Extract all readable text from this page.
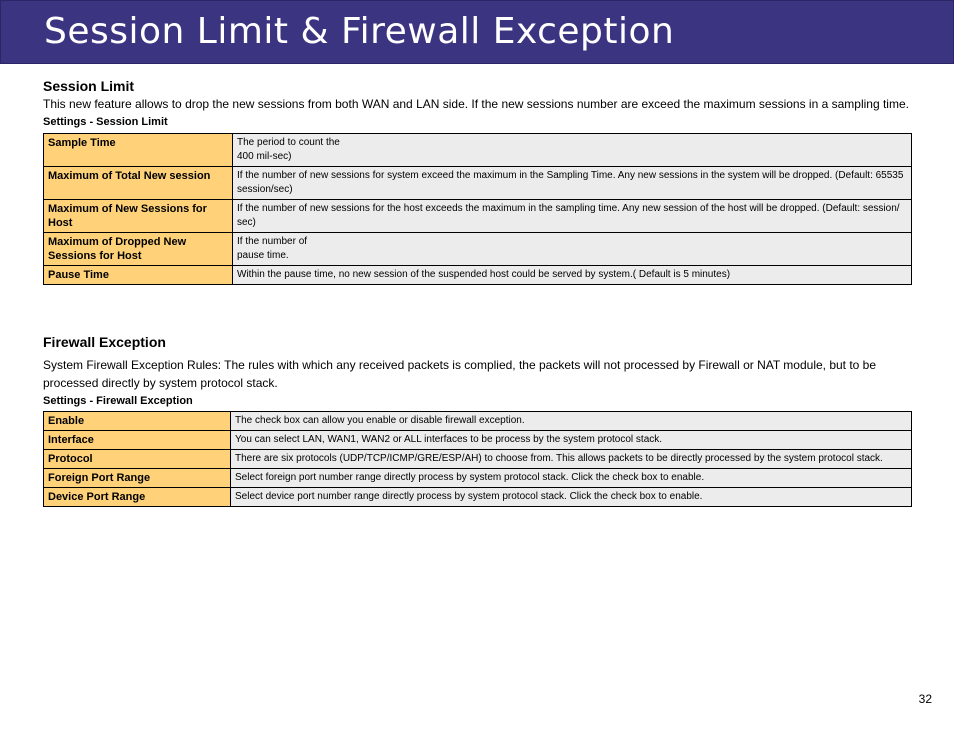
Session Limit & Firewall Exception
Session Limit
This new feature allows to drop the new sessions from both WAN and LAN side. If the new sessions number are exceed the maximum sessions in a sampling time.
Settings - Session Limit
Sample Time	The period to count the
400 mil-sec)

Maximum of Total New session	If the number of new sessions for system exceed the maximum in the Sampling Time. Any new sessions in the system will be dropped. (Default: 65535
session/sec)

Maximum of New Sessions for Host	If the number of new sessions for the host exceeds the maximum in the sampling time. Any new session of the host will be dropped. (Default: session/
sec)

Maximum of Dropped New Sessions for Host	If the number of
pause time.

Pause Time	Within the pause time, no new session of the suspended host could be served by system.( Default is 5 minutes)
Firewall Exception
System Firewall Exception Rules: The rules with which any received packets is complied, the packets will not processed by Firewall or NAT module, but to be processed directly by system protocol stack.
Settings - Firewall Exception
Enable	The check box can allow you enable or disable firewall exception.
Interface	You can select LAN, WAN1, WAN2 or ALL interfaces to be process by the system protocol stack.
Protocol	There are six protocols (UDP/TCP/ICMP/GRE/ESP/AH) to choose from. This allows packets to be directly processed by the system protocol stack.
Foreign Port Range	Select foreign port number range directly process by system protocol stack. Click the check box to enable.
Device Port Range	Select device port number range directly process by system protocol stack. Click the check box to enable.
32
